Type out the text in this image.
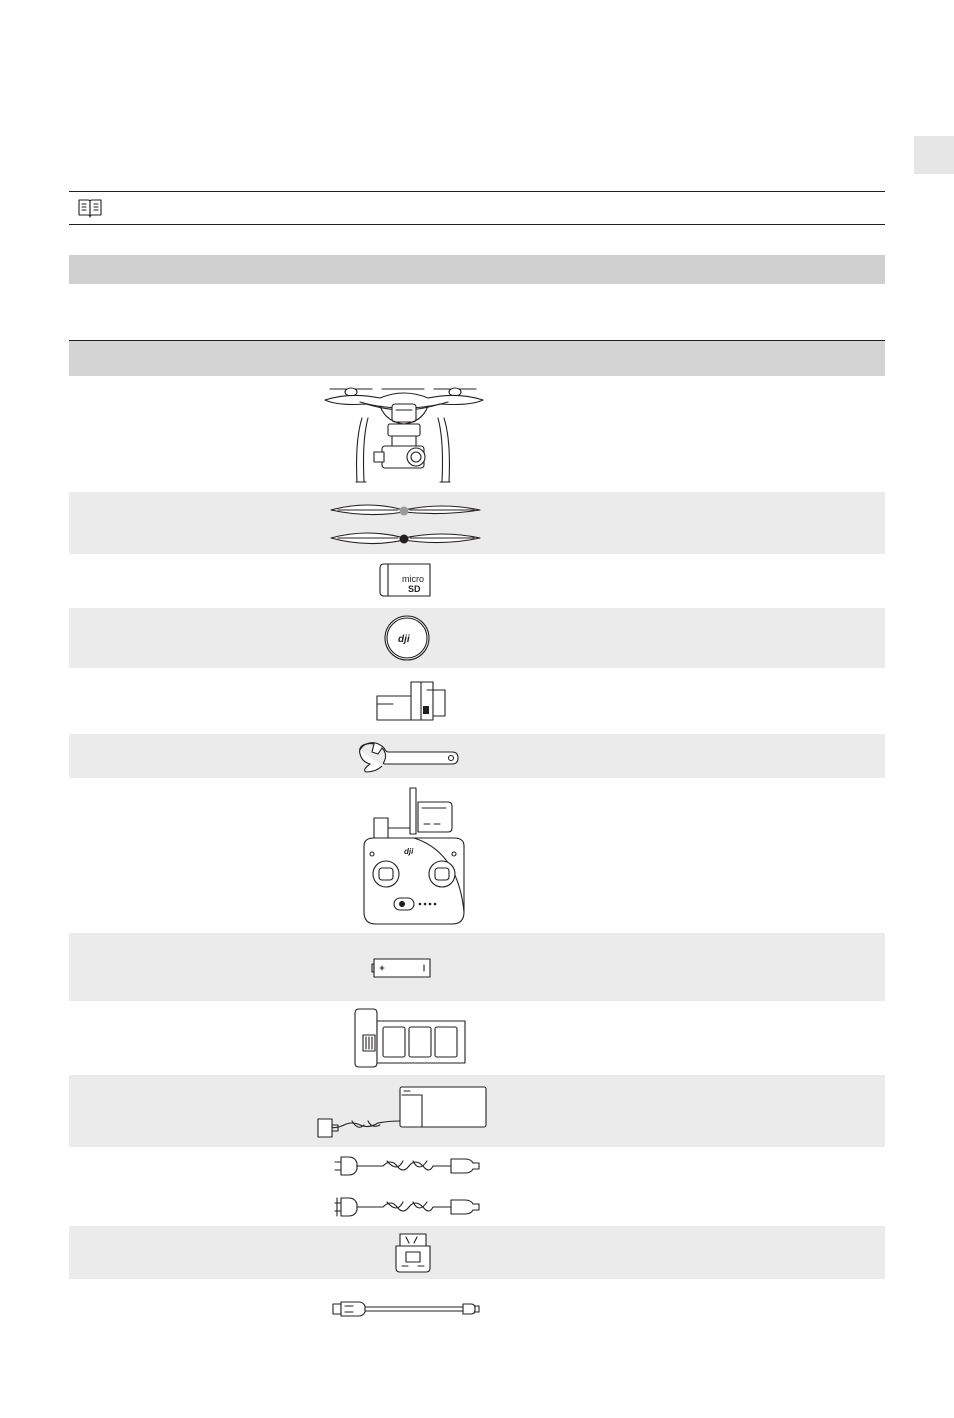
micro
SD
dji
dji
